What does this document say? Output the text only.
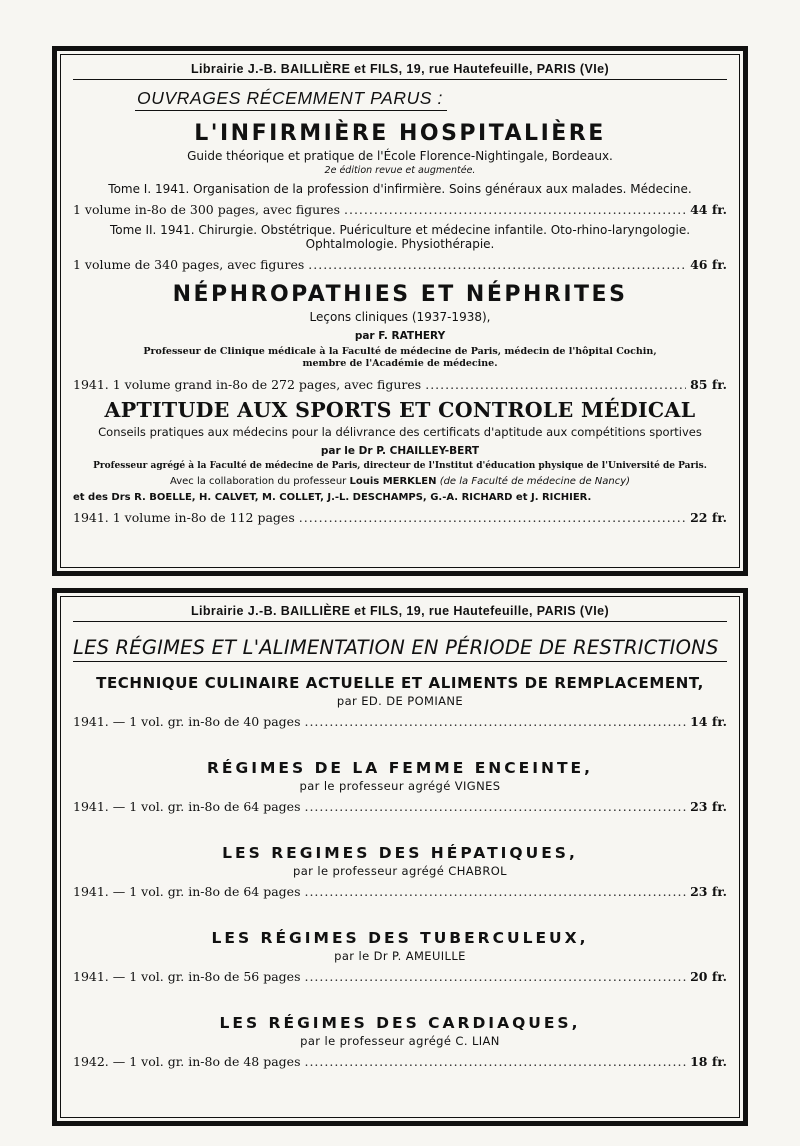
Librairie J.-B. BAILLIÈRE et FILS, 19, rue Hautefeuille, PARIS (VIe)
OUVRAGES RÉCEMMENT PARUS :
L'INFIRMIÈRE HOSPITALIÈRE
Guide théorique et pratique de l'École Florence-Nightingale, Bordeaux.
2e édition revue et augmentée.
Tome I. 1941. Organisation de la profession d'infirmière. Soins généraux aux malades. Médecine.
1 volume in-8o de 300 pages, avec figures .....	44 fr.
Tome II. 1941. Chirurgie. Obstétrique. Puériculture et médecine infantile. Oto-rhino-laryngologie.
Ophtalmologie. Physiothérapie.
1 volume de 340 pages, avec figures .....	46 fr.
NÉPHROPATHIES ET NÉPHRITES
Leçons cliniques (1937-1938),
par F. RATHERY
Professeur de Clinique médicale à la Faculté de médecine de Paris, médecin de l'hôpital Cochin,
membre de l'Académie de médecine.
1941. 1 volume grand in-8o de 272 pages, avec figures .....	85 fr.
APTITUDE AUX SPORTS ET CONTROLE MÉDICAL
Conseils pratiques aux médecins pour la délivrance des certificats d'aptitude aux compétitions sportives
par le Dr P. CHAILLEY-BERT
Professeur agrégé à la Faculté de médecine de Paris, directeur de l'Institut d'éducation physique de l'Université de Paris.
Avec la collaboration du professeur Louis MERKLEN (de la Faculté de médecine de Nancy)
et des Drs R. BOELLE, H. CALVET, M. COLLET, J.-L. DESCHAMPS, G.-A. RICHARD et J. RICHIER.
1941. 1 volume in-8o de 112 pages .....	22 fr.
Librairie J.-B. BAILLIÈRE et FILS, 19, rue Hautefeuille, PARIS (VIe)
LES RÉGIMES ET L'ALIMENTATION EN PÉRIODE DE RESTRICTIONS
TECHNIQUE CULINAIRE ACTUELLE ET ALIMENTS DE REMPLACEMENT,
par ED. DE POMIANE
1941. — 1 vol. gr. in-8o de 40 pages .....	14 fr.
RÉGIMES DE LA FEMME ENCEINTE,
par le professeur agrégé VIGNES
1941. — 1 vol. gr. in-8o de 64 pages .....	23 fr.
LES REGIMES DES HÉPATIQUES,
par le professeur agrégé CHABROL
1941. — 1 vol. gr. in-8o de 64 pages .....	23 fr.
LES RÉGIMES DES TUBERCULEUX,
par le Dr P. AMEUILLE
1941. — 1 vol. gr. in-8o de 56 pages .....	20 fr.
LES RÉGIMES DES CARDIAQUES,
par le professeur agrégé C. LIAN
1942. — 1 vol. gr. in-8o de 48 pages .....	18 fr.
